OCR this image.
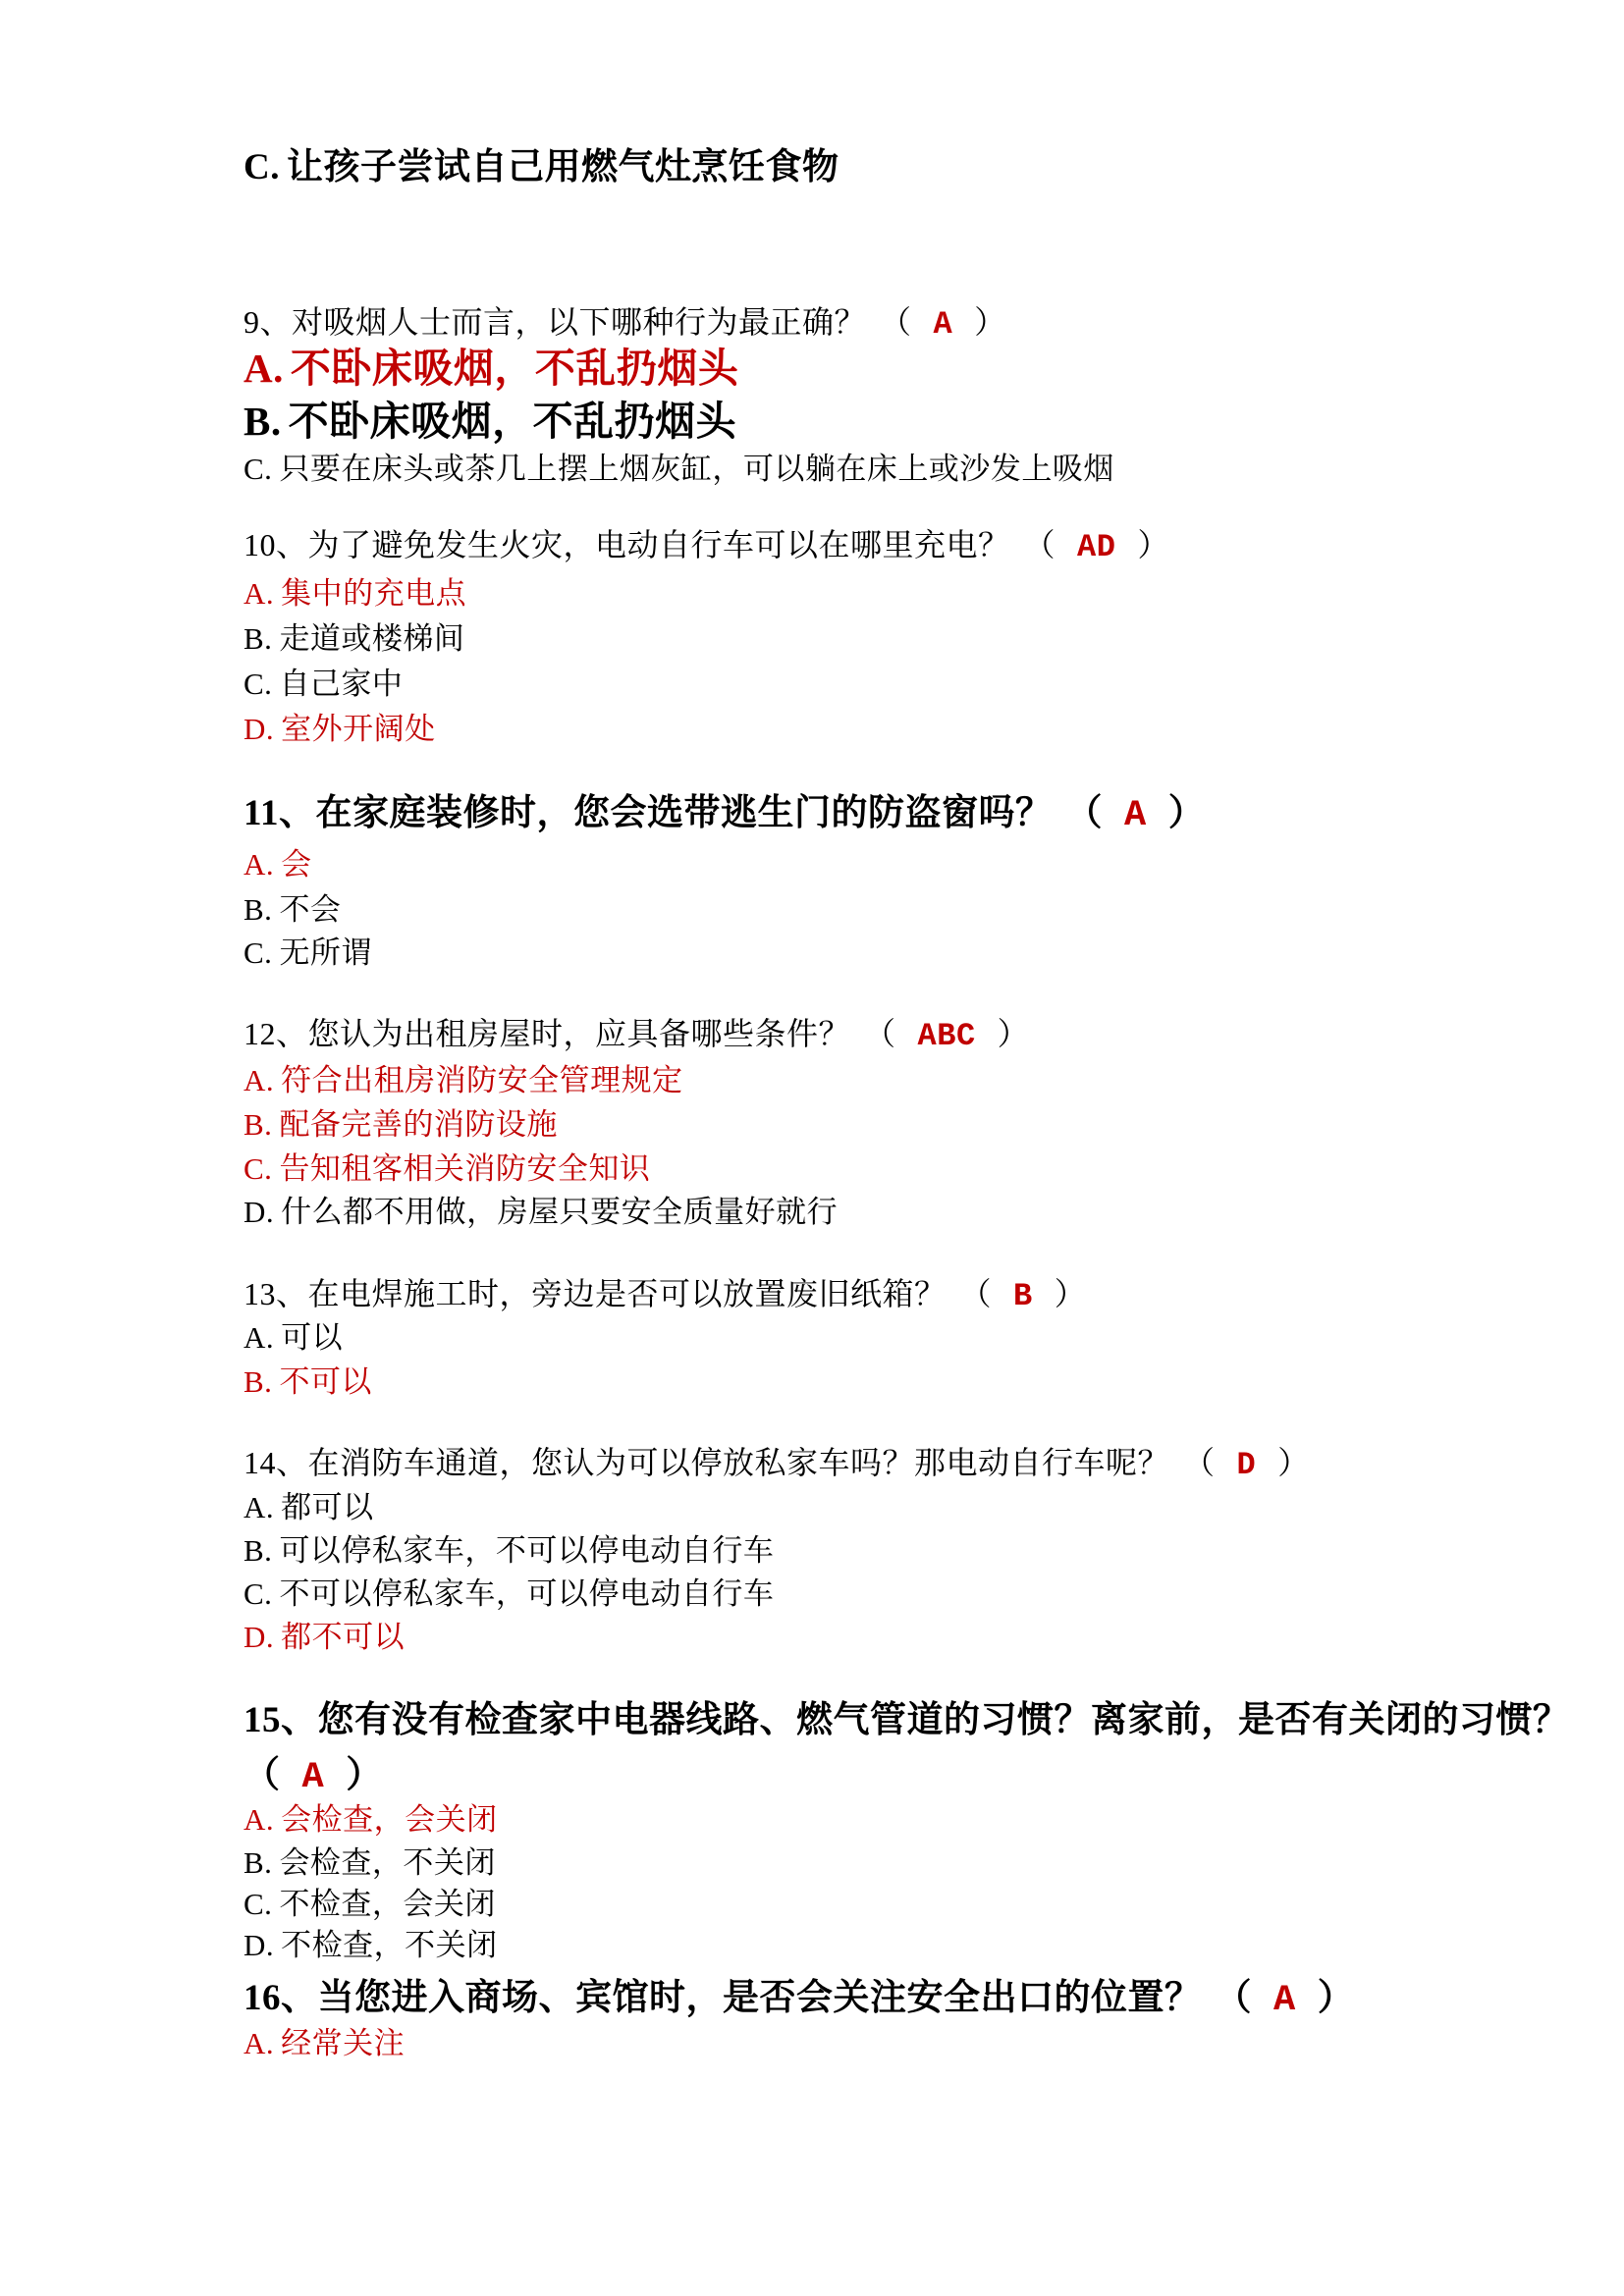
C. 让孩子尝试自己用燃气灶烹饪食物
9、对吸烟人士而言，以下哪种行为最正确？ （ A ）
A. 不卧床吸烟，不乱扔烟头
B. 不卧床吸烟，不乱扔烟头
C. 只要在床头或茶几上摆上烟灰缸，可以躺在床上或沙发上吸烟
10、为了避免发生火灾，电动自行车可以在哪里充电？ （ AD ）
A. 集中的充电点
B. 走道或楼梯间
C. 自己家中
D. 室外开阔处
11、在家庭装修时，您会选带逃生门的防盗窗吗？ （ A ）
A. 会
B. 不会
C. 无所谓
12、您认为出租房屋时，应具备哪些条件？ （ ABC ）
A. 符合出租房消防安全管理规定
B. 配备完善的消防设施
C. 告知租客相关消防安全知识
D. 什么都不用做，房屋只要安全质量好就行
13、在电焊施工时，旁边是否可以放置废旧纸箱？ （ B ）
A. 可以
B. 不可以
14、在消防车通道，您认为可以停放私家车吗？那电动自行车呢？ （ D ）
A. 都可以
B. 可以停私家车，不可以停电动自行车
C. 不可以停私家车，可以停电动自行车
D. 都不可以
15、您有没有检查家中电器线路、燃气管道的习惯？离家前，是否有关闭的习惯？
（ A ）
A. 会检查，会关闭
B. 会检查，不关闭
C. 不检查，会关闭
D. 不检查，不关闭
16、当您进入商场、宾馆时，是否会关注安全出口的位置？ （ A ）
A. 经常关注
